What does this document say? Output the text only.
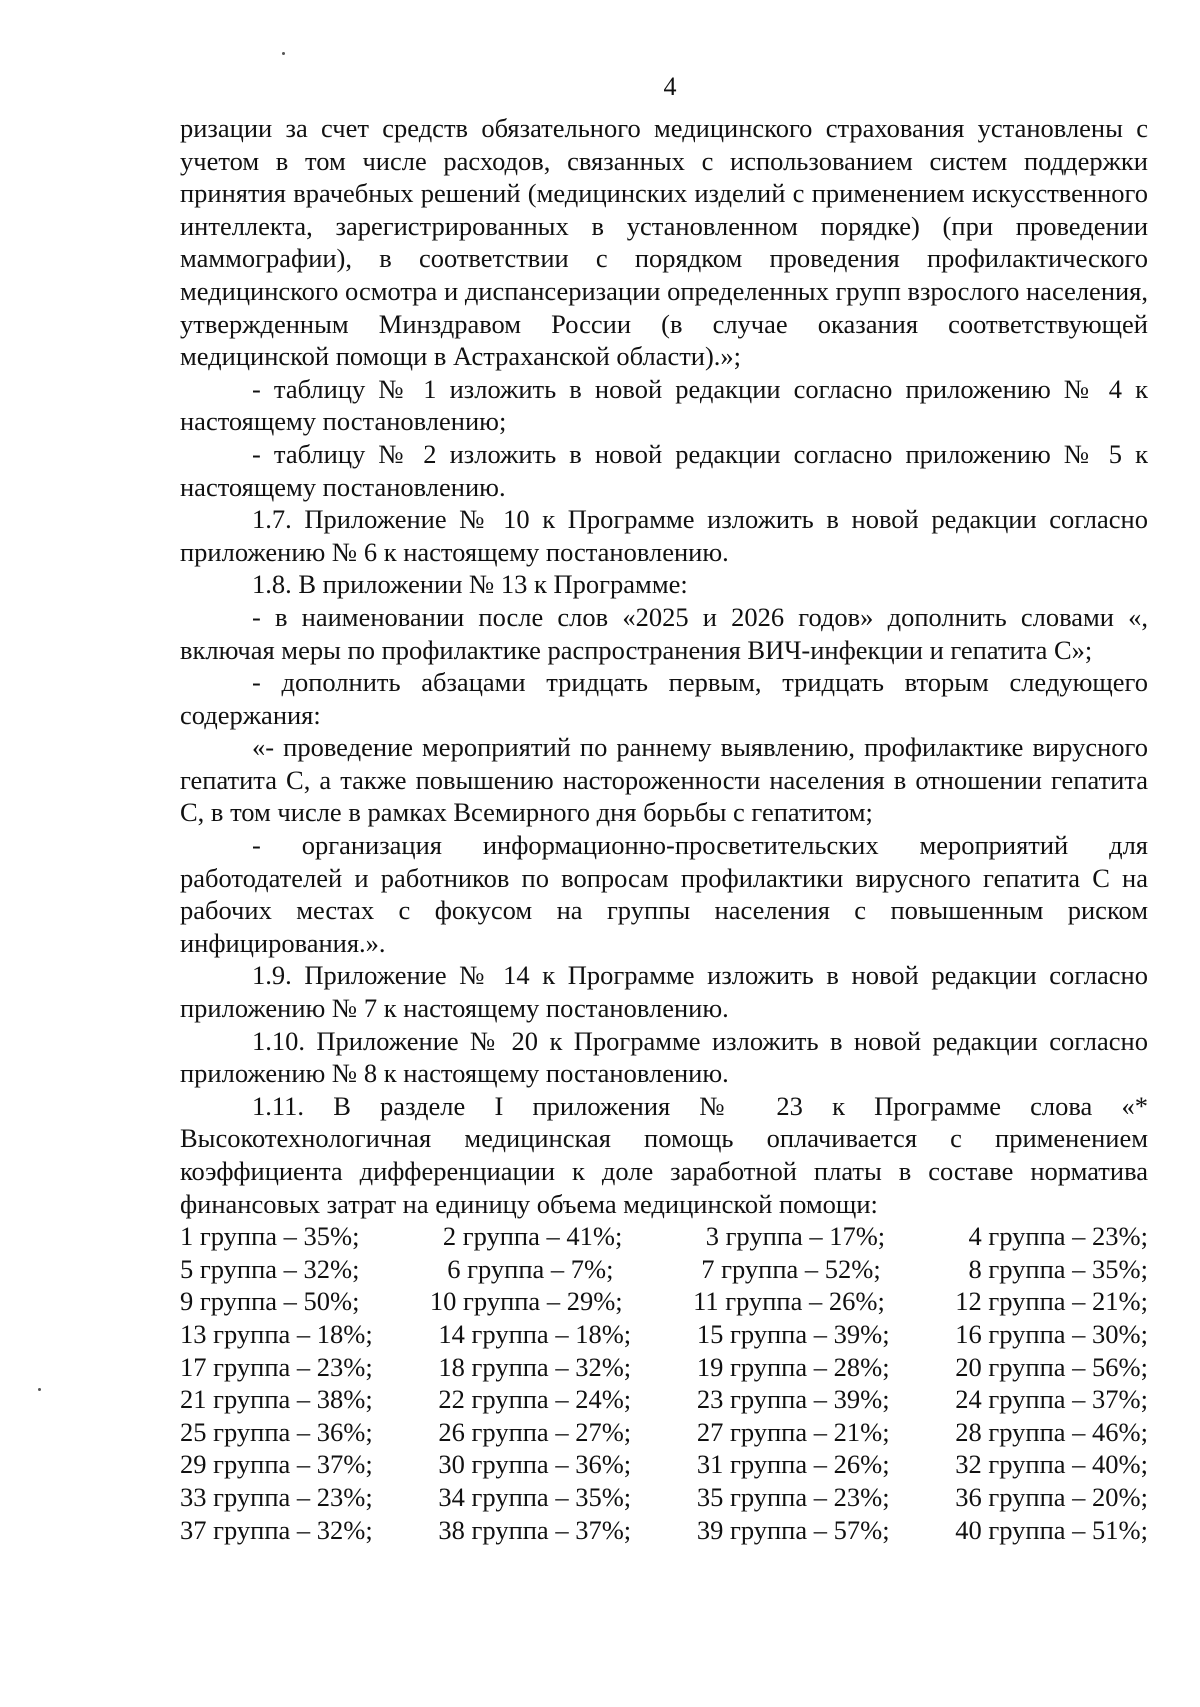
4

ризации за счет средств обязательного медицинского страхования установлены с учетом в том числе расходов, связанных с использованием систем поддержки принятия врачебных решений (медицинских изделий с применением искусственного интеллекта, зарегистрированных в установленном порядке) (при проведении маммографии), в соответствии с порядком проведения профилактического медицинского осмотра и диспансеризации определенных групп взрослого населения, утвержденным Минздравом России (в случае оказания соответствующей медицинской помощи в Астраханской области).»;

- таблицу № 1 изложить в новой редакции согласно приложению № 4 к настоящему постановлению;

- таблицу № 2 изложить в новой редакции согласно приложению № 5 к настоящему постановлению.

1.7. Приложение № 10 к Программе изложить в новой редакции согласно приложению № 6 к настоящему постановлению.

1.8. В приложении № 13 к Программе:

- в наименовании после слов «2025 и 2026 годов» дополнить словами «, включая меры по профилактике распространения ВИЧ-инфекции и гепатита С»;

- дополнить абзацами тридцать первым, тридцать вторым следующего содержания:

«- проведение мероприятий по раннему выявлению, профилактике вирусного гепатита С, а также повышению настороженности населения в отношении гепатита С, в том числе в рамках Всемирного дня борьбы с гепатитом;

- организация информационно-просветительских мероприятий для работодателей и работников по вопросам профилактики вирусного гепатита С на рабочих местах с фокусом на группы населения с повышенным риском инфицирования.».

1.9. Приложение № 14 к Программе изложить в новой редакции согласно приложению № 7 к настоящему постановлению.

1.10. Приложение № 20 к Программе изложить в новой редакции согласно приложению № 8 к настоящему постановлению.

1.11. В разделе I приложения № 23 к Программе слова «* Высокотехнологичная медицинская помощь оплачивается с применением коэффициента дифференциации к доле заработной платы в составе норматива финансовых затрат на единицу объема медицинской помощи:

1 группа – 35%;	2 группа – 41%;	3 группа – 17%;	4 группа – 23%;
5 группа – 32%;	6 группа – 7%;	7 группа – 52%;	8 группа – 35%;
9 группа – 50%;	10 группа – 29%;	11 группа – 26%;	12 группа – 21%;
13 группа – 18%; 14 группа – 18%; 15 группа – 39%; 16 группа – 30%;
17 группа – 23%; 18 группа – 32%; 19 группа – 28%; 20 группа – 56%;
21 группа – 38%; 22 группа – 24%; 23 группа – 39%; 24 группа – 37%;
25 группа – 36%; 26 группа – 27%; 27 группа – 21%; 28 группа – 46%;
29 группа – 37%; 30 группа – 36%; 31 группа – 26%; 32 группа – 40%;
33 группа – 23%; 34 группа – 35%; 35 группа – 23%; 36 группа – 20%;
37 группа – 32%; 38 группа – 37%; 39 группа – 57%; 40 группа – 51%;
